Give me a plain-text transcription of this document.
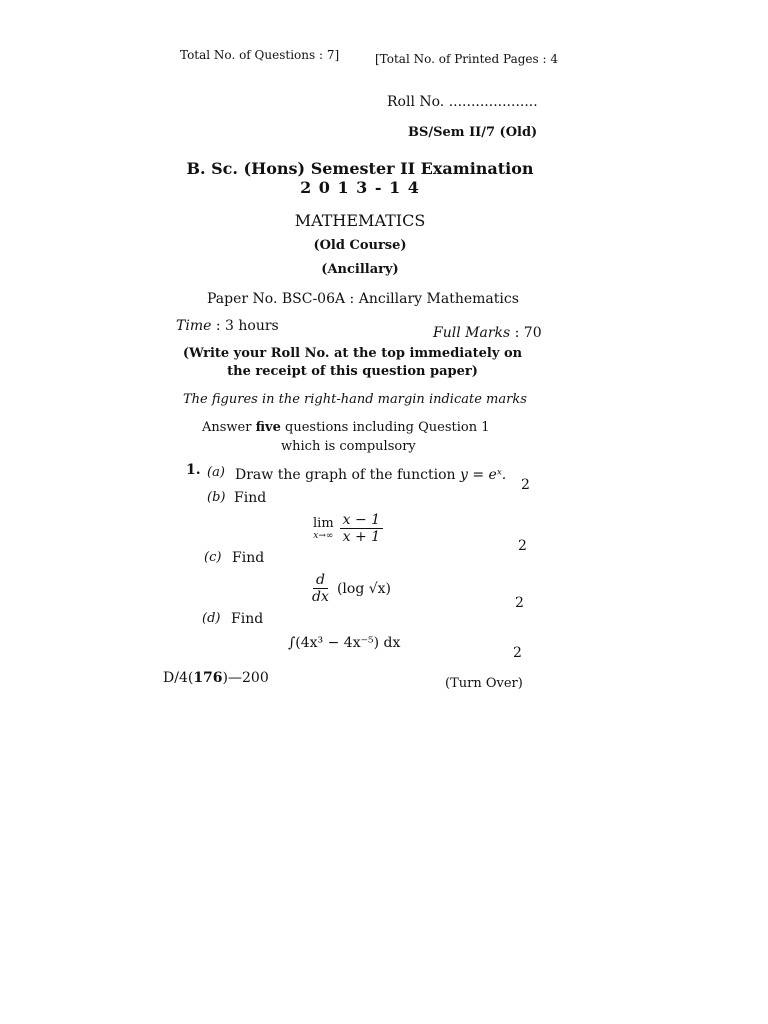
Total No. of Questions : 7]	[Total No. of Printed Pages : 4
Roll No. ....................
BS/Sem II/7 (Old)
B. Sc. (Hons) Semester II Examination
2 0 1 3 - 1 4
MATHEMATICS
(Old Course)
(Ancillary)
Paper No. BSC-06A : Ancillary Mathematics
Time : 3 hours	Full Marks : 70
(Write your Roll No. at the top immediately on
the receipt of this question paper)
The figures in the right-hand margin indicate marks
Answer five questions including Question 1
which is compulsory
1. (a) Draw the graph of the function y = eˣ.
2
(b) Find
lim
$x\to\infty \frac{x - 1}{x + 1}$
2
(c) Find
$\frac{d}{dx} (\log$ √x)
2
(d) Find
∫(4x³ − 4x⁻⁵) dx
2
D/4(176)—200	(Turn Over)
